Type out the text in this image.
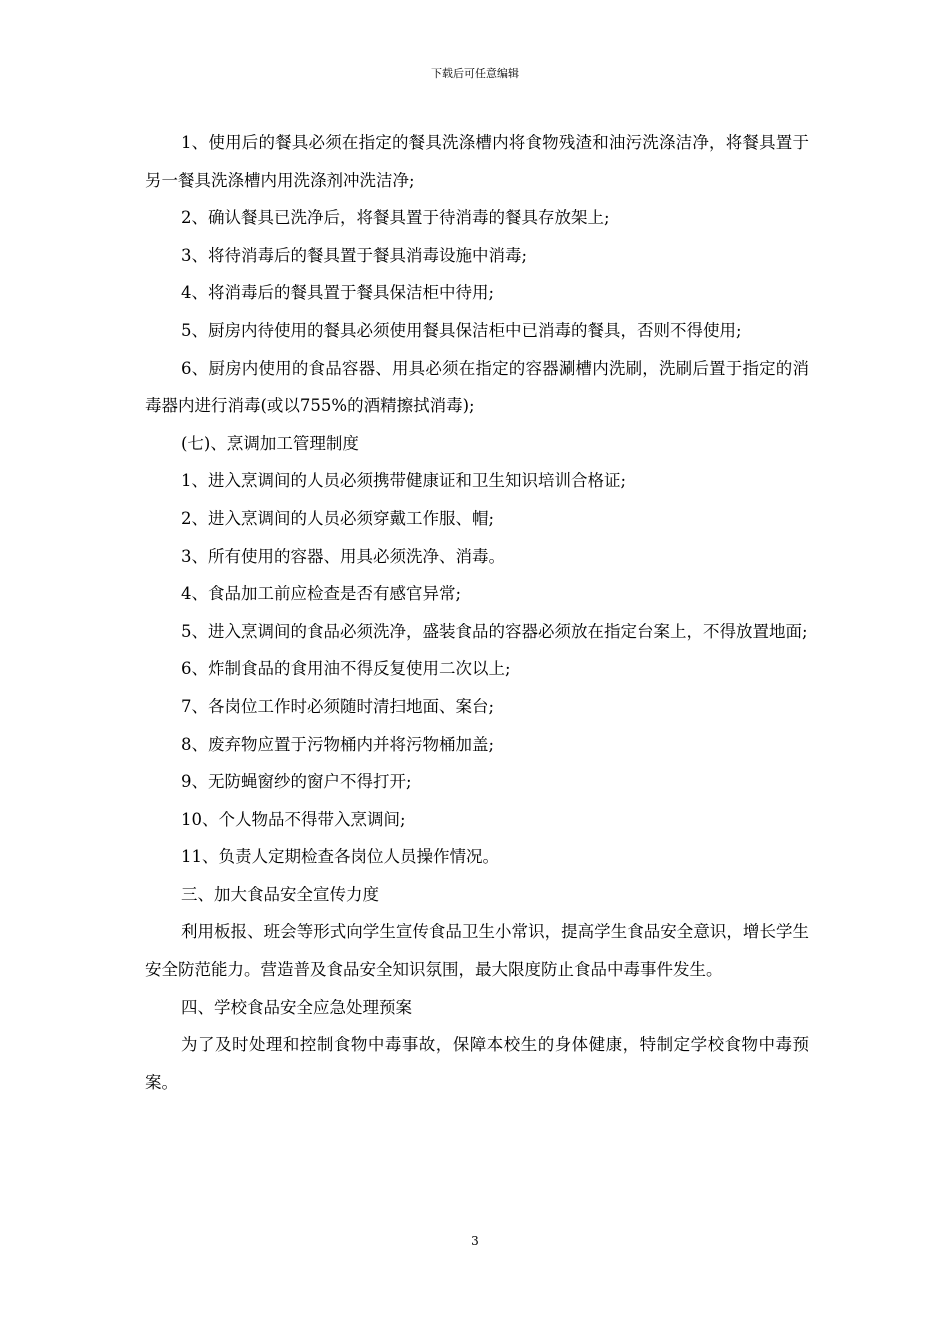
下载后可任意编辑

1、使用后的餐具必须在指定的餐具洗涤槽内将食物残渣和油污洗涤洁净，将餐具置于另一餐具洗涤槽内用洗涤剂冲洗洁净;

2、确认餐具已洗净后，将餐具置于待消毒的餐具存放架上;

3、将待消毒后的餐具置于餐具消毒设施中消毒;

4、将消毒后的餐具置于餐具保洁柜中待用;

5、厨房内待使用的餐具必须使用餐具保洁柜中已消毒的餐具，否则不得使用;

6、厨房内使用的食品容器、用具必须在指定的容器涮槽内洗刷，洗刷后置于指定的消毒器内进行消毒(或以755%的酒精擦拭消毒);

(七)、烹调加工管理制度

1、进入烹调间的人员必须携带健康证和卫生知识培训合格证;

2、进入烹调间的人员必须穿戴工作服、帽;

3、所有使用的容器、用具必须洗净、消毒。

4、食品加工前应检查是否有感官异常;

5、进入烹调间的食品必须洗净，盛装食品的容器必须放在指定台案上，不得放置地面;

6、炸制食品的食用油不得反复使用二次以上;

7、各岗位工作时必须随时清扫地面、案台;

8、废弃物应置于污物桶内并将污物桶加盖;

9、无防蝇窗纱的窗户不得打开;

10、个人物品不得带入烹调间;

11、负责人定期检查各岗位人员操作情况。

三、加大食品安全宣传力度

利用板报、班会等形式向学生宣传食品卫生小常识，提高学生食品安全意识，增长学生安全防范能力。营造普及食品安全知识氛围，最大限度防止食品中毒事件发生。

四、学校食品安全应急处理预案

为了及时处理和控制食物中毒事故，保障本校生的身体健康，特制定学校食物中毒预案。

3
